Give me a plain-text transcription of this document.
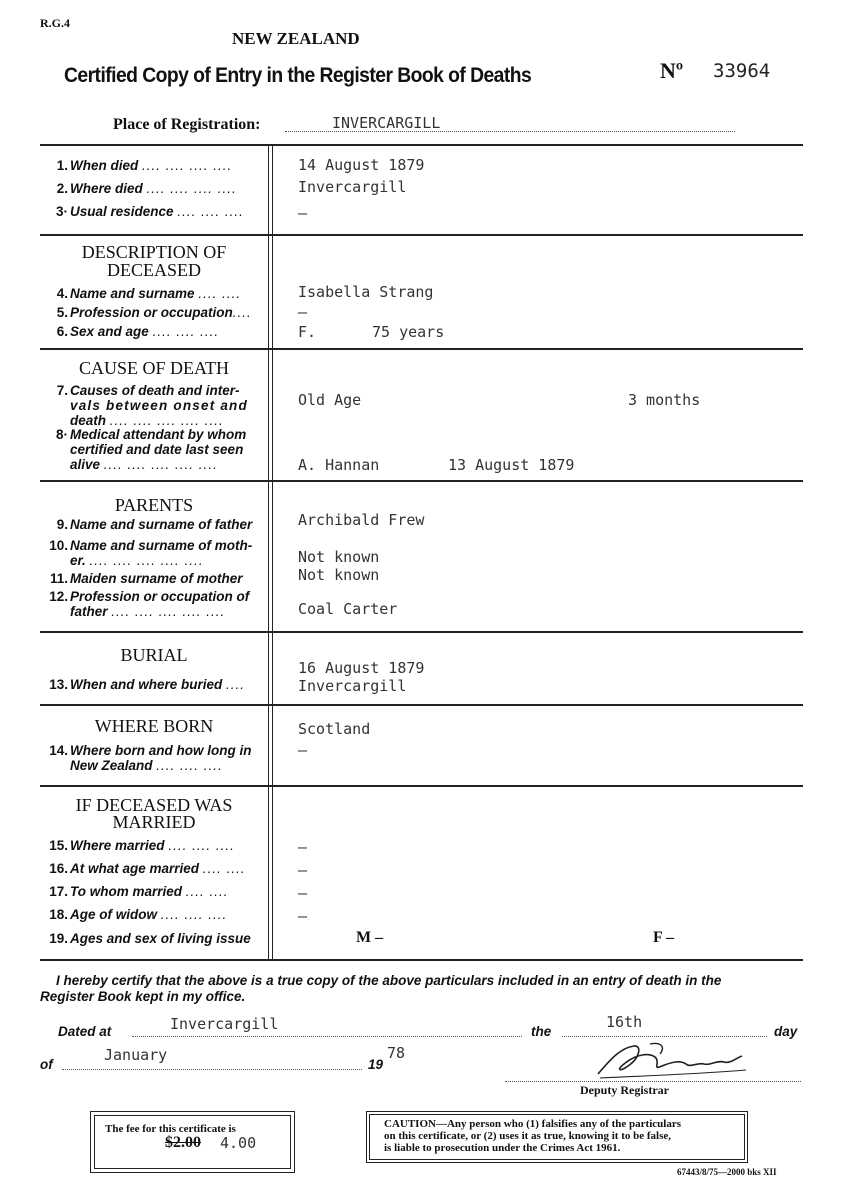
R.G.4
NEW ZEALAND
Certified Copy of Entry in the Register Book of Deaths	Nº 33964
Place of Registration:	INVERCARGILL
1. When died .... .... .... ....	14 August 1879
2. Where died .... .... .... ....	Invercargill
3· Usual residence .... .... ....	–
DESCRIPTION OF
DECEASED
4. Name and surname .... ....	Isabella Strang
5. Profession or occupation....	–
6. Sex and age .... .... ....	F.	75 years
CAUSE OF DEATH
7. Causes of death and inter-
vals between onset and
death .... .... .... .... ....
Old Age	3 months
8· Medical attendant by whom
certified and date last seen
alive .... .... .... .... ....	A. Hannan	13 August 1879
PARENTS
9. Name and surname of father	Archibald Frew
10. Name and surname of moth-
er. .... .... .... .... ....	Not known
11. Maiden surname of mother	Not known
12. Profession or occupation of
father .... .... .... .... ....	Coal Carter
BURIAL
13. When and where buried ....
16 August 1879
Invercargill
WHERE BORN
14. Where born and how long in
New Zealand .... .... ....
Scotland
–
IF DECEASED WAS
MARRIED
15. Where married .... .... ....	–
16. At what age married .... ....	–
17. To whom married .... ....	–
18. Age of widow .... .... ....	–
19. Ages and sex of living issue	M –	F –
I hereby certify that the above is a true copy of the above particulars included in an entry of death in the
Register Book kept in my office.
Dated at	Invercargill	the
16th
day
of
January
19
78
Deputy Registrar
The fee for this certificate is
$2.00 4.00
CAUTION—Any person who (1) falsifies any of the particulars
on this certificate, or (2) uses it as true, knowing it to be false,
is liable to prosecution under the Crimes Act 1961.
67443/8/75—2000 bks XII
